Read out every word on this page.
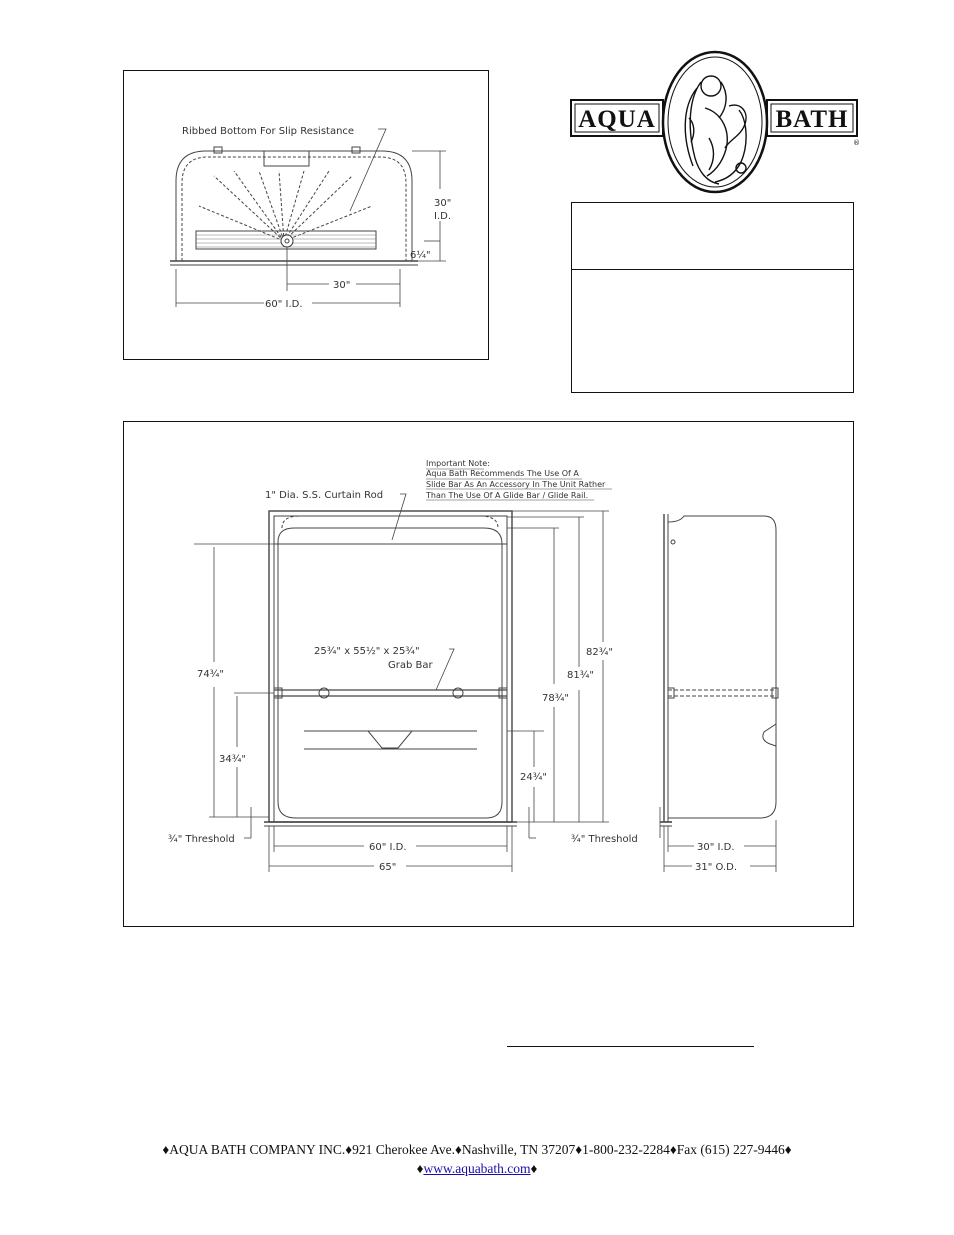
AQUA	BATH
®
Ribbed Bottom For Slip Resistance
30"
I.D.
6¼"
30"
60" I.D.
Important Note:
Aqua Bath Recommends The Use Of A
Slide Bar As An Accessory In The Unit Rather
Than The Use Of A Glide Bar / Glide Rail.
1" Dia. S.S. Curtain Rod
25¾" x 55½" x 25¾"
Grab Bar
74¾"
34¾"
24¾"
78¾"
81¾"
82¾"
¾" Threshold	¾" Threshold
60" I.D.
65"
30" I.D.
31" O.D.
♦AQUA BATH COMPANY INC.♦921 Cherokee Ave.♦Nashville, TN 37207♦1-800-232-2284♦Fax (615) 227-9446♦
♦www.aquabath.com♦
